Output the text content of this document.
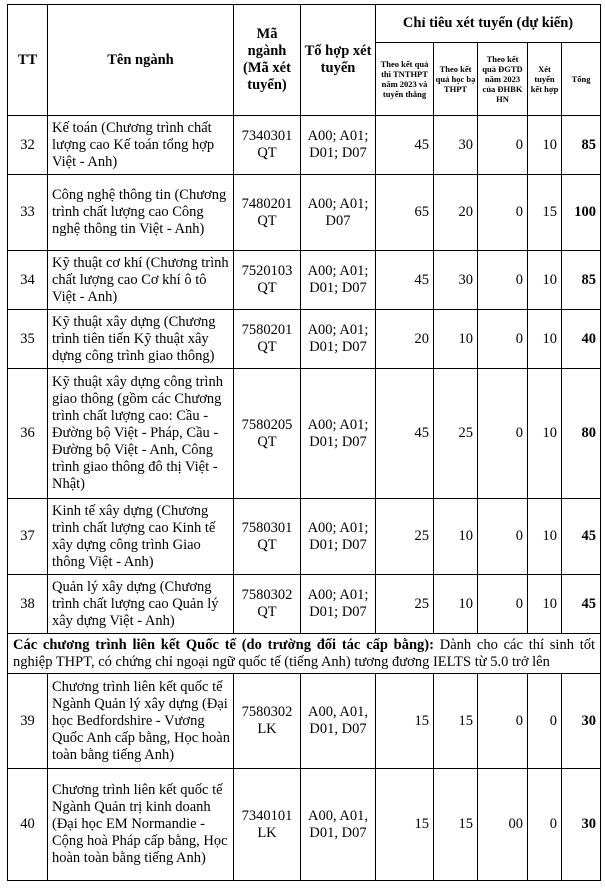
TT	Tên ngành	Mã ngành (Mã xét tuyển)	Tổ hợp xét tuyển	Chỉ tiêu xét tuyển (dự kiến)				
				Theo kết quả thi TNTHPT năm 2023 và tuyển thẳng	Theo kết quả học bạ THPT	Theo kết quả ĐGTD năm 2023 của ĐHBK HN	Xét tuyển kết hợp	Tổng
32	Kế toán (Chương trình chất lượng cao Kế toán tổng hợp Việt - Anh)	7340301 QT	A00; A01; D01; D07	45	30	0	10	85
33	Công nghệ thông tin (Chương trình chất lượng cao Công nghệ thông tin Việt - Anh)	7480201 QT	A00; A01; D07	65	20	0	15	100
34	Kỹ thuật cơ khí (Chương trình chất lượng cao Cơ khí ô tô Việt - Anh)	7520103 QT	A00; A01; D01; D07	45	30	0	10	85
35	Kỹ thuật xây dựng (Chương trình tiên tiến Kỹ thuật xây dựng công trình giao thông)	7580201 QT	A00; A01; D01; D07	20	10	0	10	40
36	Kỹ thuật xây dựng công trình giao thông (gồm các Chương trình chất lượng cao: Cầu - Đường bộ Việt - Pháp, Cầu - Đường bộ Việt - Anh, Công trình giao thông đô thị Việt - Nhật)	7580205 QT	A00; A01; D01; D07	45	25	0	10	80
37	Kinh tế xây dựng (Chương trình chất lượng cao Kinh tế xây dựng công trình Giao thông Việt - Anh)	7580301 QT	A00; A01; D01; D07	25	10	0	10	45
38	Quản lý xây dựng (Chương trình chất lượng cao Quản lý xây dựng Việt - Anh)	7580302 QT	A00; A01; D01; D07	25	10	0	10	45
Các chương trình liên kết Quốc tế (do trường đối tác cấp bằng): Dành cho các thí sinh tốt nghiệp THPT, có chứng chỉ ngoại ngữ quốc tế (tiếng Anh) tương đương IELTS từ 5.0 trở lên								
39	Chương trình liên kết quốc tế Ngành Quản lý xây dựng (Đại học Bedfordshire - Vương Quốc Anh cấp bằng, Học hoàn toàn bằng tiếng Anh)	7580302 LK	A00, A01, D01, D07	15	15	0	0	30
40	Chương trình liên kết quốc tế Ngành Quản trị kinh doanh (Đại học EM Normandie - Cộng hoà Pháp cấp bằng, Học hoàn toàn bằng tiếng Anh)	7340101 LK	A00, A01, D01, D07	15	15	00	0	30
